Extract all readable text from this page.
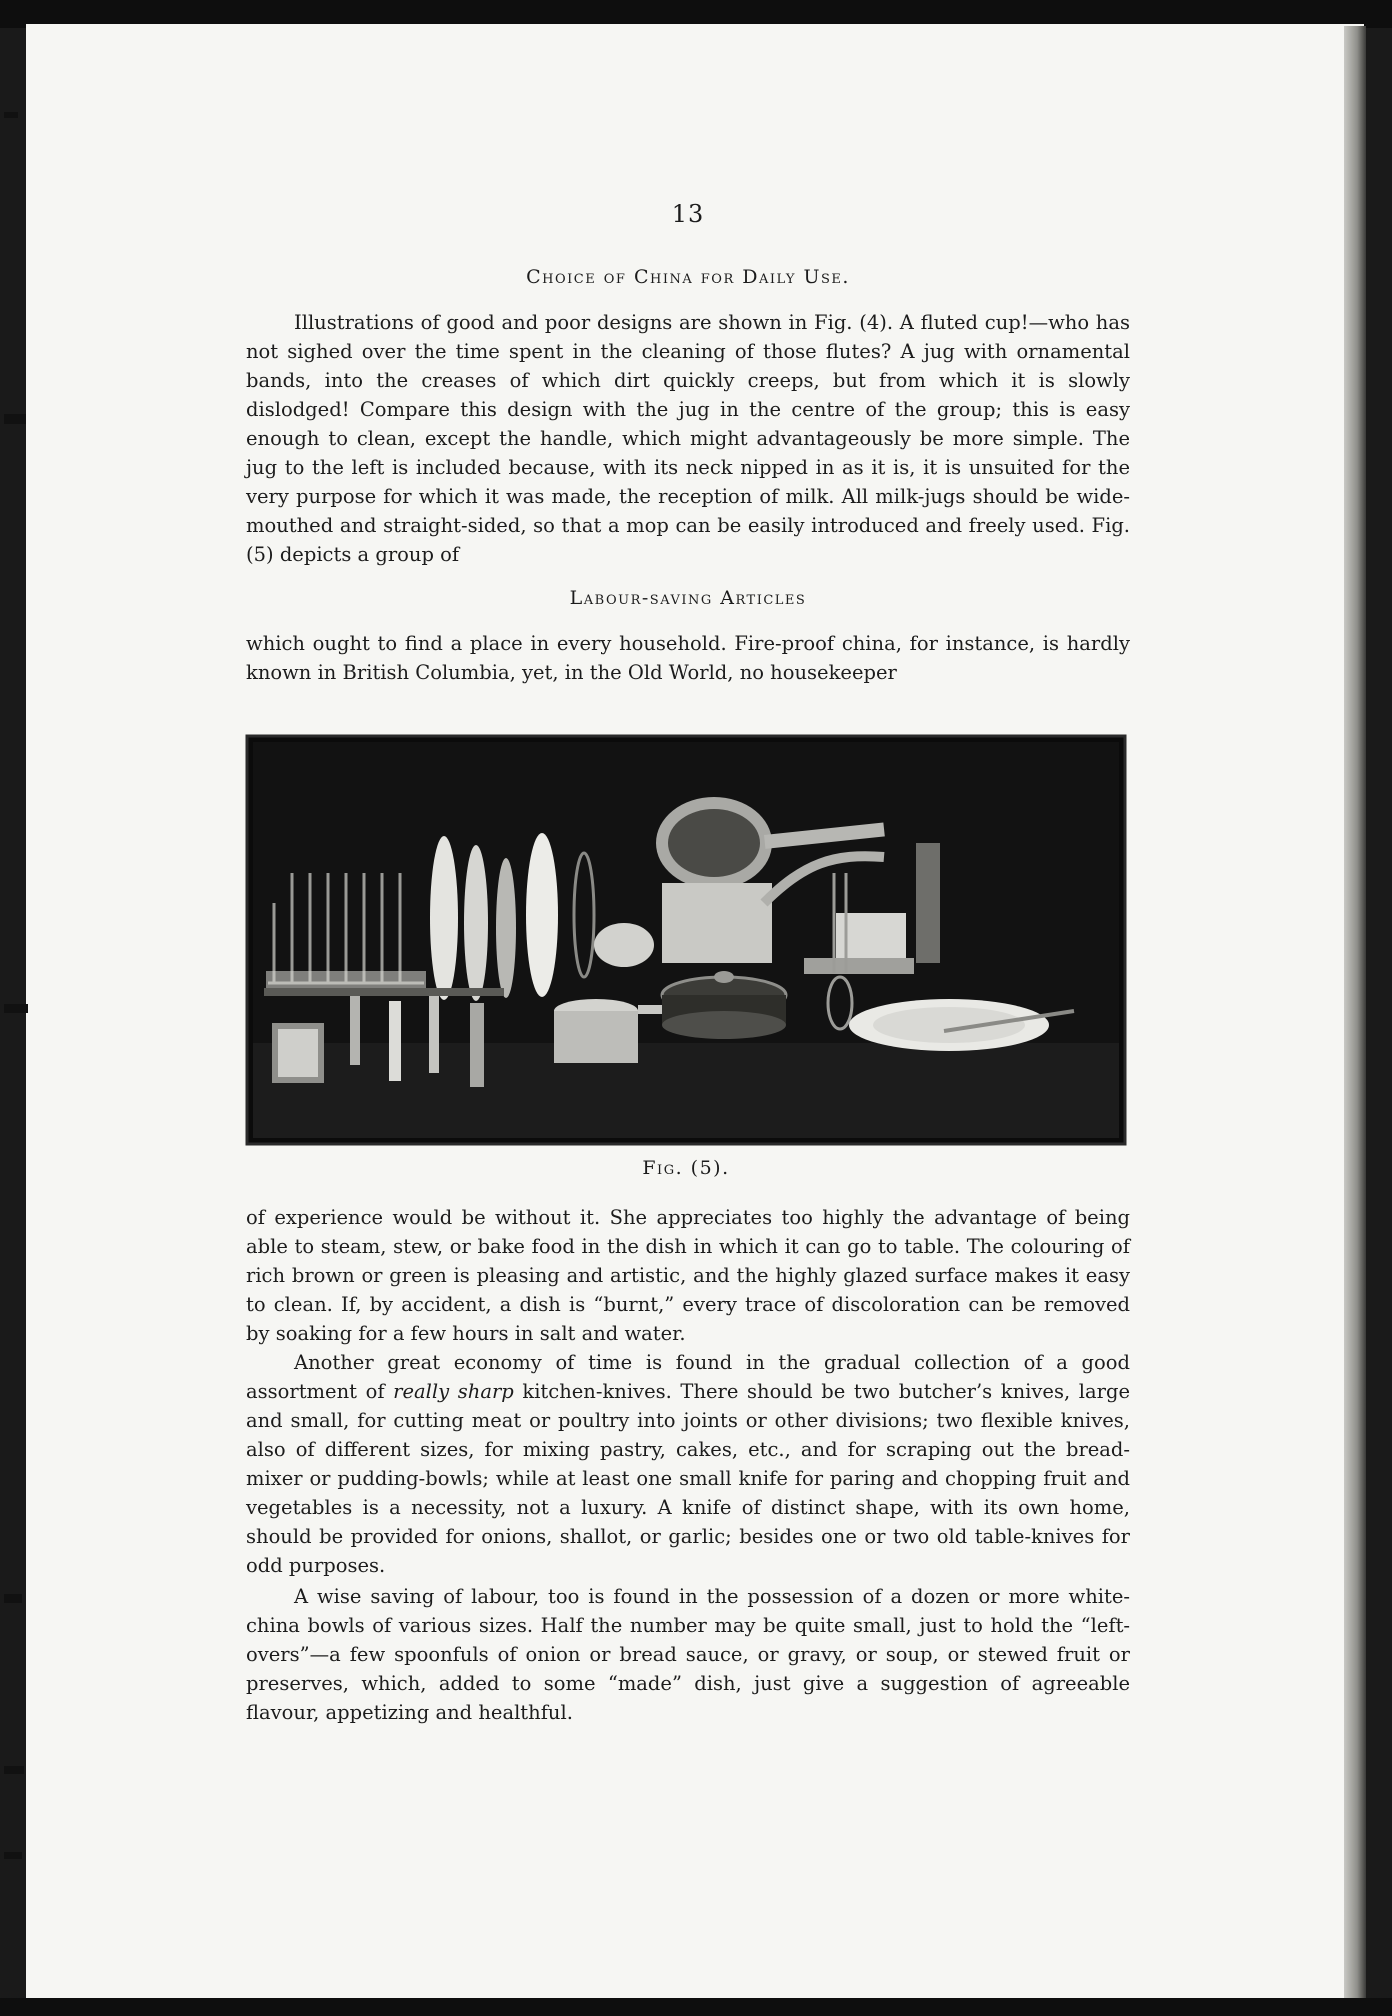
13
Choice of China for Daily Use.

Illustrations of good and poor designs are shown in Fig. (4). A fluted cup!—who has not sighed over the time spent in the cleaning of those flutes? A jug with ornamental bands, into the creases of which dirt quickly creeps, but from which it is slowly dislodged! Compare this design with the jug in the centre of the group; this is easy enough to clean, except the handle, which might advantageously be more simple. The jug to the left is included because, with its neck nipped in as it is, it is unsuited for the very purpose for which it was made, the reception of milk. All milk-jugs should be wide-mouthed and straight-sided, so that a mop can be easily introduced and freely used. Fig. (5) depicts a group of

Labour-saving Articles

which ought to find a place in every household. Fire-proof china, for instance, is hardly known in British Columbia, yet, in the Old World, no housekeeper

Fig. (5).

of experience would be without it. She appreciates too highly the advantage of being able to steam, stew, or bake food in the dish in which it can go to table. The colouring of rich brown or green is pleasing and artistic, and the highly glazed surface makes it easy to clean. If, by accident, a dish is “burnt,” every trace of discoloration can be removed by soaking for a few hours in salt and water.

Another great economy of time is found in the gradual collection of a good assortment of really sharp kitchen-knives. There should be two butcher’s knives, large and small, for cutting meat or poultry into joints or other divisions; two flexible knives, also of different sizes, for mixing pastry, cakes, etc., and for scraping out the bread-mixer or pudding-bowls; while at least one small knife for paring and chopping fruit and vegetables is a necessity, not a luxury. A knife of distinct shape, with its own home, should be provided for onions, shallot, or garlic; besides one or two old table-knives for odd purposes.

A wise saving of labour, too is found in the possession of a dozen or more white-china bowls of various sizes. Half the number may be quite small, just to hold the “left-overs”—a few spoonfuls of onion or bread sauce, or gravy, or soup, or stewed fruit or preserves, which, added to some “made” dish, just give a suggestion of agreeable flavour, appetizing and healthful.
